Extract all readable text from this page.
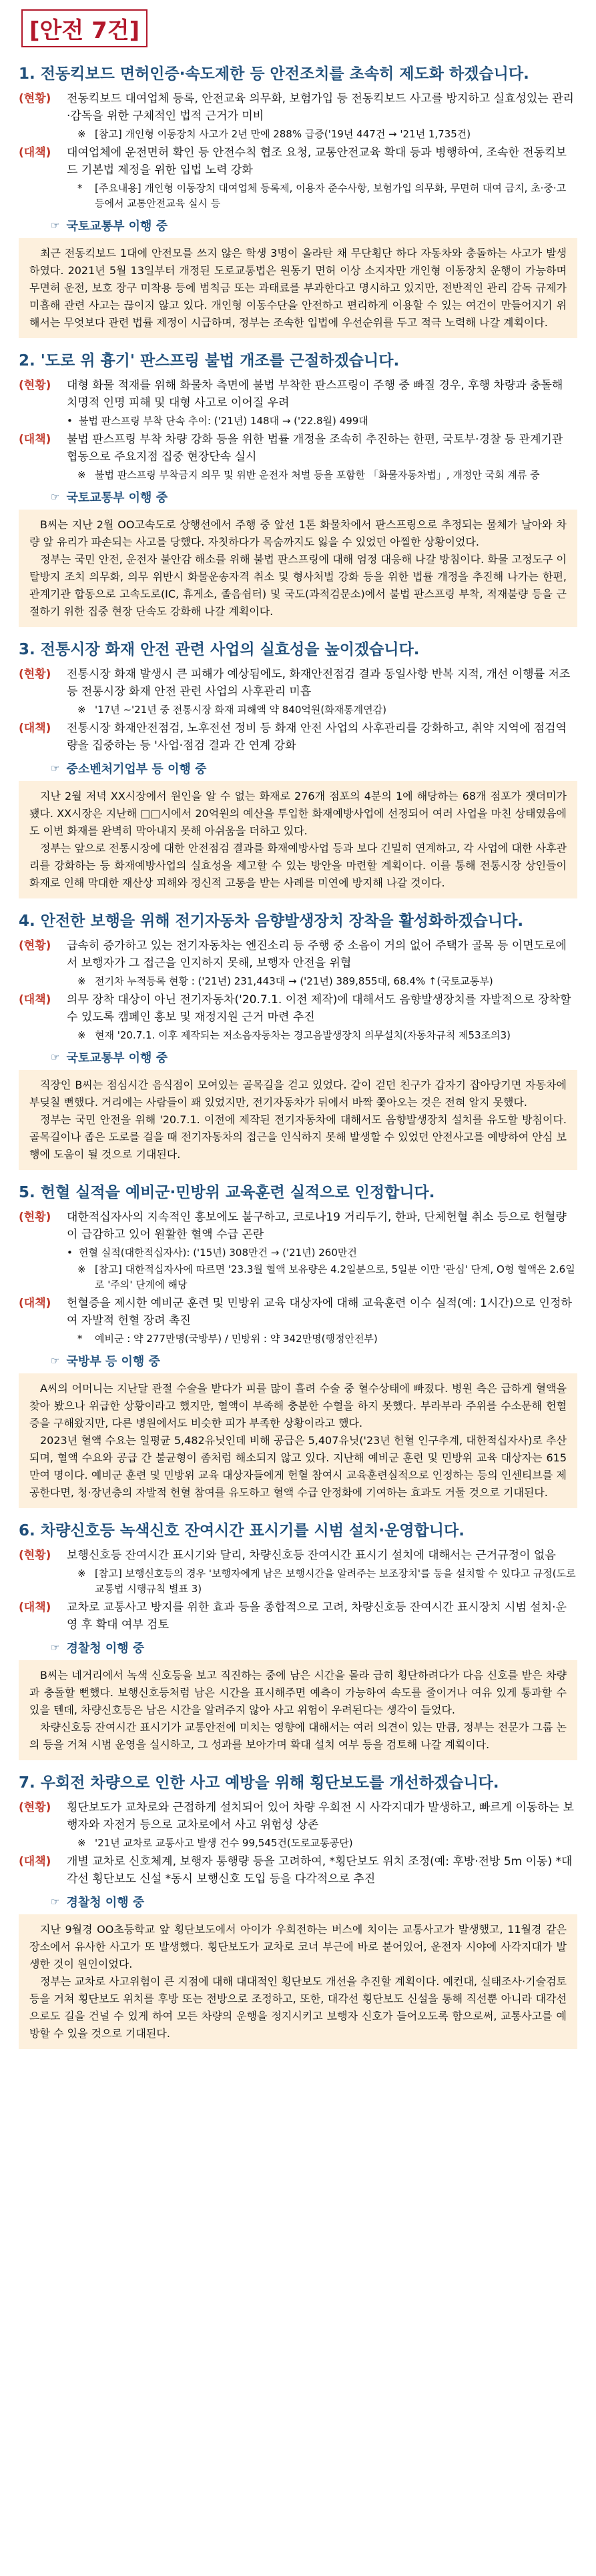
[안전 7건]
1. 전동킥보드 면허인증·속도제한 등 안전조치를 초속히 제도화 하겠습니다.
(현황)	전동킥보드 대여업체 등록, 안전교육 의무화, 보험가입 등 전동킥보드 사고를 방지하고 실효성있는 관리·감독을 위한 구체적인 법적 근거가 미비
※ [참고] 개인형 이동장치 사고가 2년 만에 288% 급증('19년 447건 → '21년 1,735건)
(대책)	대여업체에 운전면허 확인 등 안전수칙 협조 요청, 교통안전교육 확대 등과 병행하여, 조속한 전동킥보드 기본법 제정을 위한 입법 노력 강화
*	[주요내용] 개인형 이동장치 대여업체 등록제, 이용자 준수사항, 보험가입 의무화, 무면허 대여 금지, 초·중·고 등에서 교통안전교육 실시 등
☞ 국토교통부 이행 중

최근 전동킥보드 1대에 안전모를 쓰지 않은 학생 3명이 올라탄 채 무단횡단 하다 자동차와 충돌하는 사고가 발생하였다. 2021년 5월 13일부터 개정된 도로교통법은 원동기 면허 이상 소지자만 개인형 이동장치 운행이 가능하며 무면허 운전, 보호 장구 미착용 등에 범칙금 또는 과태료를 부과한다고 명시하고 있지만, 전반적인 관리 감독 규제가 미흡해 관련 사고는 끊이지 않고 있다. 개인형 이동수단을 안전하고 편리하게 이용할 수 있는 여건이 만들어지기 위해서는 무엇보다 관련 법률 제정이 시급하며, 정부는 조속한 입법에 우선순위를 두고 적극 노력해 나갈 계획이다.

2. '도로 위 흉기' 판스프링 불법 개조를 근절하겠습니다.
(현황)	대형 화물 적재를 위해 화물차 측면에 불법 부착한 판스프링이 주행 중 빠질 경우, 후행 차량과 충돌해 치명적 인명 피해 및 대형 사고로 이어질 우려
• 불법 판스프링 부착 단속 추이: ('21년) 148대 → ('22.8월) 499대
(대책)	불법 판스프링 부착 차량 강화 등을 위한 법률 개정을 조속히 추진하는 한편, 국토부·경찰 등 관계기관 협동으로 주요지점 집중 현장단속 실시
※ 불법 판스프링 부착금지 의무 및 위반 운전자 처벌 등을 포함한 「화물자동차법」, 개정안 국회 계류 중
☞ 국토교통부 이행 중

B씨는 지난 2월 OO고속도로 상행선에서 주행 중 앞선 1톤 화물차에서 판스프링으로 추정되는 물체가 날아와 차량 앞 유리가 파손되는 사고를 당했다. 자칫하다가 목숨까지도 잃을 수 있었던 아찔한 상황이었다.

정부는 국민 안전, 운전자 불안감 해소를 위해 불법 판스프링에 대해 엄정 대응해 나갈 방침이다. 화물 고정도구 이탈방지 조치 의무화, 의무 위반시 화물운송자격 취소 및 형사처벌 강화 등을 위한 법률 개정을 추진해 나가는 한편, 관계기관 합동으로 고속도로(IC, 휴게소, 졸음쉼터) 및 국도(과적검문소)에서 불법 판스프링 부착, 적재불량 등을 근절하기 위한 집중 현장 단속도 강화해 나갈 계획이다.

3. 전통시장 화재 안전 관련 사업의 실효성을 높이겠습니다.
(현황)	전통시장 화재 발생시 큰 피해가 예상됨에도, 화재안전점검 결과 동일사항 반복 지적, 개선 이행률 저조 등 전통시장 화재 안전 관련 사업의 사후관리 미흡
※ '17년 ~'21년 중 전통시장 화재 피해액 약 840억원(화재통계연감)
(대책)	전통시장 화재안전점검, 노후전선 정비 등 화재 안전 사업의 사후관리를 강화하고, 취약 지역에 점검역량을 집중하는 등 '사업·점검 결과 간 연계 강화
☞ 중소벤처기업부 등 이행 중

지난 2월 저녁 XX시장에서 원인을 알 수 없는 화재로 276개 점포의 4분의 1에 해당하는 68개 점포가 잿더미가 됐다. XX시장은 지난해 □□시에서 20억원의 예산을 투입한 화재예방사업에 선정되어 여러 사업을 마친 상태였음에도 이번 화재를 완벽히 막아내지 못해 아쉬움을 더하고 있다.

정부는 앞으로 전통시장에 대한 안전점검 결과를 화재예방사업 등과 보다 긴밀히 연계하고, 각 사업에 대한 사후관리를 강화하는 등 화재예방사업의 실효성을 제고할 수 있는 방안을 마련할 계획이다. 이를 통해 전통시장 상인들이 화재로 인해 막대한 재산상 피해와 정신적 고통을 받는 사례를 미연에 방지해 나갈 것이다.

4. 안전한 보행을 위해 전기자동차 음향발생장치 장착을 활성화하겠습니다.
(현황)	급속히 증가하고 있는 전기자동차는 엔진소리 등 주행 중 소음이 거의 없어 주택가 골목 등 이면도로에서 보행자가 그 접근을 인지하지 못해, 보행자 안전을 위협
※ 전기차 누적등록 현황 : ('21년) 231,443대 → ('21년) 389,855대, 68.4% ↑(국토교통부)
(대책)	의무 장착 대상이 아닌 전기자동차('20.7.1. 이전 제작)에 대해서도 음향발생장치를 자발적으로 장착할 수 있도록 캠페인 홍보 및 재정지원 근거 마련 추진
※ 현재 '20.7.1. 이후 제작되는 저소음자동차는 경고음발생장치 의무설치(자동차규칙 제53조의3)
☞ 국토교통부 이행 중

직장인 B씨는 점심시간 음식점이 모여있는 골목길을 걷고 있었다. 같이 걷던 친구가 갑자기 잡아당기면 자동차에 부딪칠 뻔했다. 거리에는 사람들이 꽤 있었지만, 전기자동차가 뒤에서 바짝 쫓아오는 것은 전혀 알지 못했다.

정부는 국민 안전을 위해 '20.7.1. 이전에 제작된 전기자동차에 대해서도 음향발생장치 설치를 유도할 방침이다. 골목길이나 좁은 도로를 걸을 때 전기자동차의 접근을 인식하지 못해 발생할 수 있었던 안전사고를 예방하여 안심 보행에 도움이 될 것으로 기대된다.

5. 헌혈 실적을 예비군·민방위 교육훈련 실적으로 인정합니다.
(현황)	대한적십자사의 지속적인 홍보에도 불구하고, 코로나19 거리두기, 한파, 단체헌혈 취소 등으로 헌혈량이 급감하고 있어 원활한 혈액 수급 곤란
• 헌혈 실적(대한적십자사): ('15년) 308만건 → ('21년) 260만건
※ [참고] 대한적십자사에 따르면 '23.3월 혈액 보유량은 4.2일분으로, 5일분 이만 '관심' 단계, O형 혈액은 2.6일로 '주의' 단계에 해당
(대책)	헌혈증을 제시한 예비군 훈련 및 민방위 교육 대상자에 대해 교육훈련 이수 실적(예: 1시간)으로 인정하여 자발적 헌혈 장려 촉진
*	예비군 : 약 277만명(국방부) / 민방위 : 약 342만명(행정안전부)
☞ 국방부 등 이행 중

A씨의 어머니는 지난달 관절 수술을 받다가 피를 많이 흘려 수술 중 혈수상태에 빠졌다. 병원 측은 급하게 혈액을 찾아 봤으나 위급한 상황이라고 했지만, 혈액이 부족해 충분한 수혈을 하지 못했다. 부라부라 주위를 수소문해 헌혈증을 구해왔지만, 다른 병원에서도 비슷한 피가 부족한 상황이라고 했다.

2023년 혈액 수요는 일평균 5,482유닛인데 비해 공급은 5,407유닛('23년 헌혈 인구추계, 대한적십자사)로 추산되며, 혈액 수요와 공급 간 불균형이 좀처럼 해소되지 않고 있다. 지난해 예비군 훈련 및 민방위 교육 대상자는 615만여 명이다. 예비군 훈련 및 민방위 교육 대상자들에게 헌혈 참여시 교육훈련실적으로 인정하는 등의 인센티브를 제공한다면, 청·장년층의 자발적 헌혈 참여를 유도하고 혈액 수급 안정화에 기여하는 효과도 거둘 것으로 기대된다.

6. 차량신호등 녹색신호 잔여시간 표시기를 시범 설치·운영합니다.
(현황)	보행신호등 잔여시간 표시기와 달리, 차량신호등 잔여시간 표시기 설치에 대해서는 근거규정이 없음
※ [참고] 보행신호등의 경우 '보행자에게 남은 보행시간을 알려주는 보조장치'를 둥을 설치할 수 있다고 규정(도로교통법 시행규칙 별표 3)
(대책)	교차로 교통사고 방지를 위한 효과 등을 종합적으로 고려, 차량신호등 잔여시간 표시장치 시범 설치·운영 후 확대 여부 검토
☞ 경찰청 이행 중

B씨는 네거리에서 녹색 신호등을 보고 직진하는 중에 남은 시간을 몰라 급히 횡단하려다가 다음 신호를 받은 차량과 충돌할 뻔했다. 보행신호등처럼 남은 시간을 표시해주면 예측이 가능하여 속도를 줄이거나 여유 있게 통과할 수 있을 텐데, 차량신호등은 남은 시간을 알려주지 않아 사고 위험이 우려된다는 생각이 들었다.

차량신호등 잔여시간 표시기가 교통안전에 미치는 영향에 대해서는 여러 의견이 있는 만큼, 정부는 전문가 그룹 논의 등을 거쳐 시범 운영을 실시하고, 그 성과를 보아가며 확대 설치 여부 등을 검토해 나갈 계획이다.

7. 우회전 차량으로 인한 사고 예방을 위해 횡단보도를 개선하겠습니다.
(현황)	횡단보도가 교차로와 근접하게 설치되어 있어 차량 우회전 시 사각지대가 발생하고, 빠르게 이동하는 보행자와 자전거 등으로 교차로에서 사고 위험성 상존
※ '21년 교차로 교통사고 발생 건수 99,545건(도로교통공단)
(대책)	개별 교차로 신호체계, 보행자 통행량 등을 고려하여, *횡단보도 위치 조정(예: 후방·전방 5m 이동) *대각선 횡단보도 신설 *동시 보행신호 도입 등을 다각적으로 추진
☞ 경찰청 이행 중

지난 9월경 OO초등학교 앞 횡단보도에서 아이가 우회전하는 버스에 치이는 교통사고가 발생했고, 11월경 같은 장소에서 유사한 사고가 또 발생했다. 횡단보도가 교차로 코너 부근에 바로 붙어있어, 운전자 시야에 사각지대가 발생한 것이 원인이었다.

정부는 교차로 사고위험이 큰 지점에 대해 대대적인 횡단보도 개선을 추진할 계획이다. 예컨대, 실태조사·기술검토 등을 거쳐 횡단보도 위치를 후방 또는 전방으로 조정하고, 또한, 대각선 횡단보도 신설을 통해 직선뿐 아니라 대각선으로도 길을 건널 수 있게 하여 모든 차량의 운행을 정지시키고 보행자 신호가 들어오도록 함으로써, 교통사고를 예방할 수 있을 것으로 기대된다.
